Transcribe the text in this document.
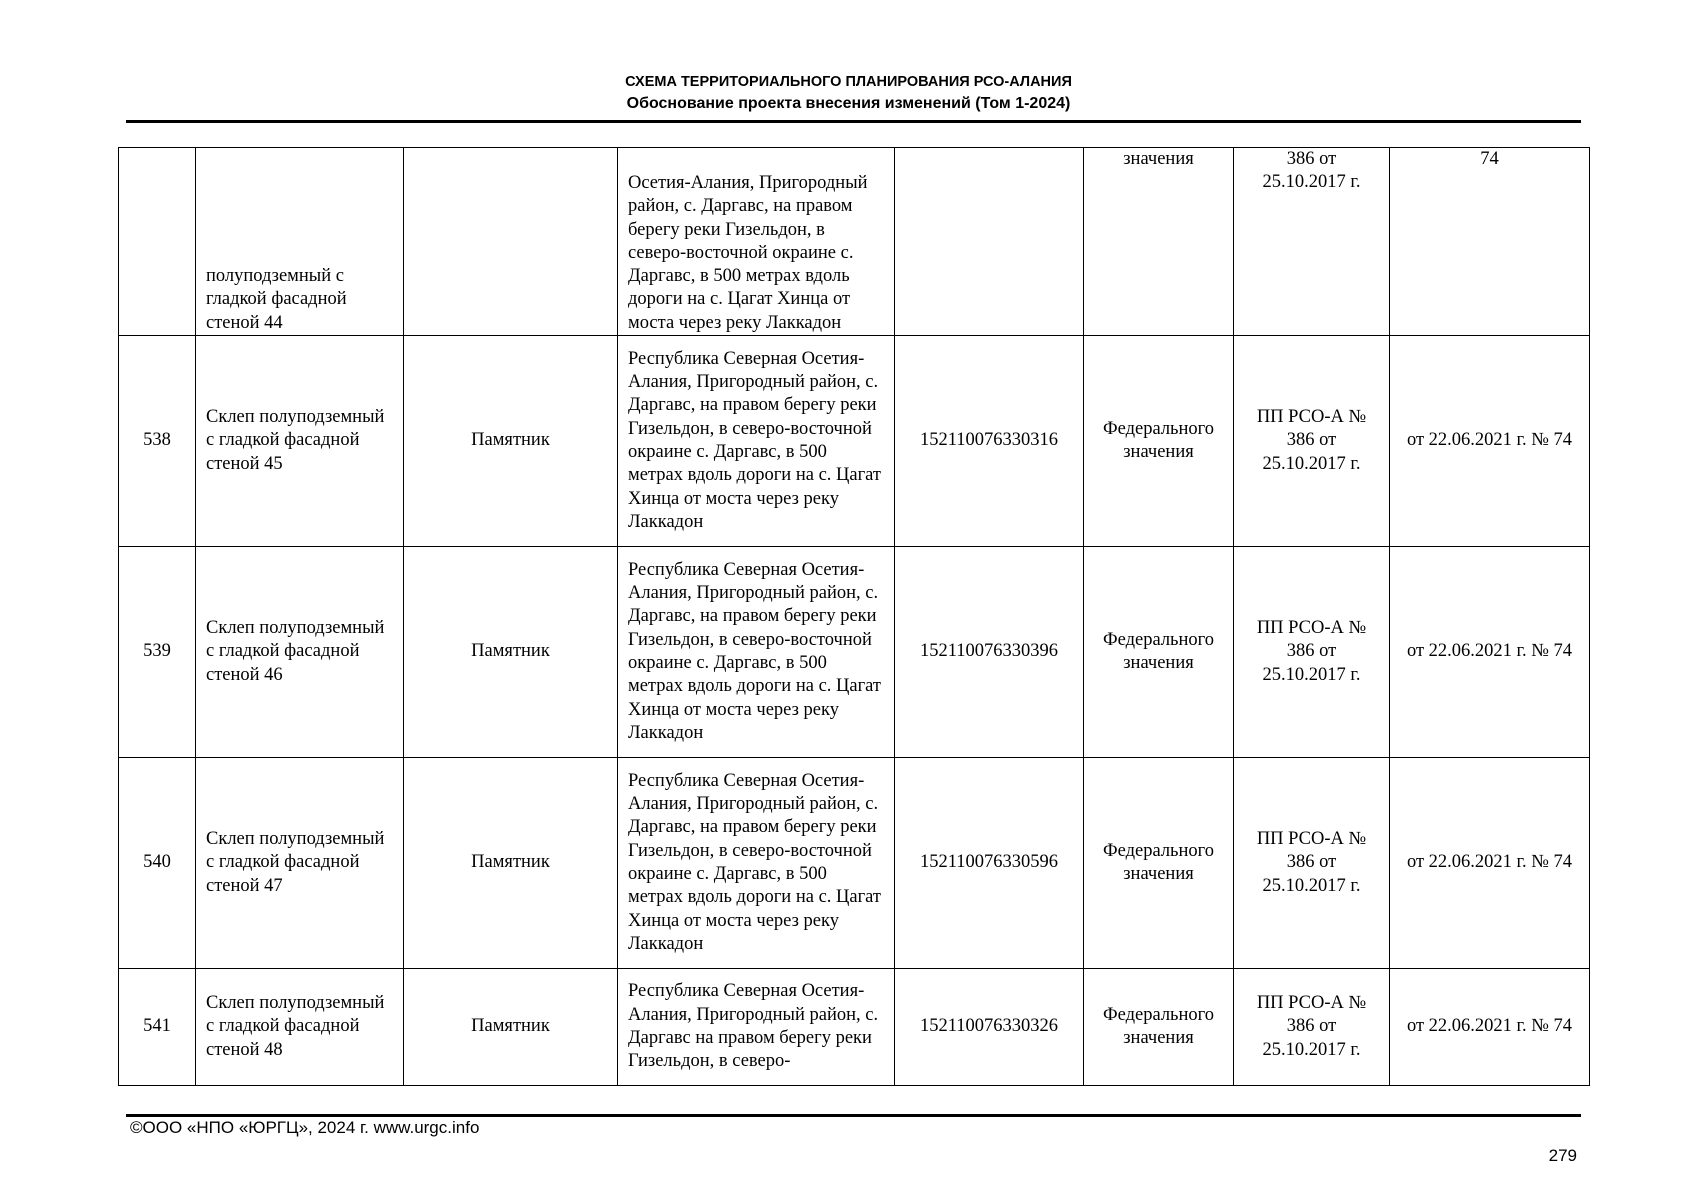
СХЕМА ТЕРРИТОРИАЛЬНОГО ПЛАНИРОВАНИЯ РСО-АЛАНИЯ
Обоснование проекта внесения изменений (Том 1-2024)
	полуподземный с гладкой фасадной стеной 44		Осетия-Алания, Пригородный район, с. Даргавс, на правом берегу реки Гизельдон, в северо-восточной окраине с. Даргавс, в 500 метрах вдоль дороги на с. Цагат Хинца от моста через реку Лаккадон		значения	386 от 25.10.2017 г.	74
538	Склеп полуподземный с гладкой фасадной стеной 45	Памятник	Республика Северная Осетия-Алания, Пригородный район, с. Даргавс, на правом берегу реки Гизельдон, в северо-восточной окраине с. Даргавс, в 500 метрах вдоль дороги на с. Цагат Хинца от моста через реку Лаккадон	152110076330316	Федерального значения	ПП РСО-А № 386 от 25.10.2017 г.	от 22.06.2021 г. № 74
539	Склеп полуподземный с гладкой фасадной стеной 46	Памятник	Республика Северная Осетия-Алания, Пригородный район, с. Даргавс, на правом берегу реки Гизельдон, в северо-восточной окраине с. Даргавс, в 500 метрах вдоль дороги на с. Цагат Хинца от моста через реку Лаккадон	152110076330396	Федерального значения	ПП РСО-А № 386 от 25.10.2017 г.	от 22.06.2021 г. № 74
540	Склеп полуподземный с гладкой фасадной стеной 47	Памятник	Республика Северная Осетия-Алания, Пригородный район, с. Даргавс, на правом берегу реки Гизельдон, в северо-восточной окраине с. Даргавс, в 500 метрах вдоль дороги на с. Цагат Хинца от моста через реку Лаккадон	152110076330596	Федерального значения	ПП РСО-А № 386 от 25.10.2017 г.	от 22.06.2021 г. № 74
541	Склеп полуподземный с гладкой фасадной стеной 48	Памятник	Республика Северная Осетия-Алания, Пригородный район, с. Даргавс на правом берегу реки Гизельдон, в северо-	152110076330326	Федерального значения	ПП РСО-А № 386 от 25.10.2017 г.	от 22.06.2021 г. № 74
©ООО «НПО «ЮРГЦ», 2024 г. www.urgc.info
279
